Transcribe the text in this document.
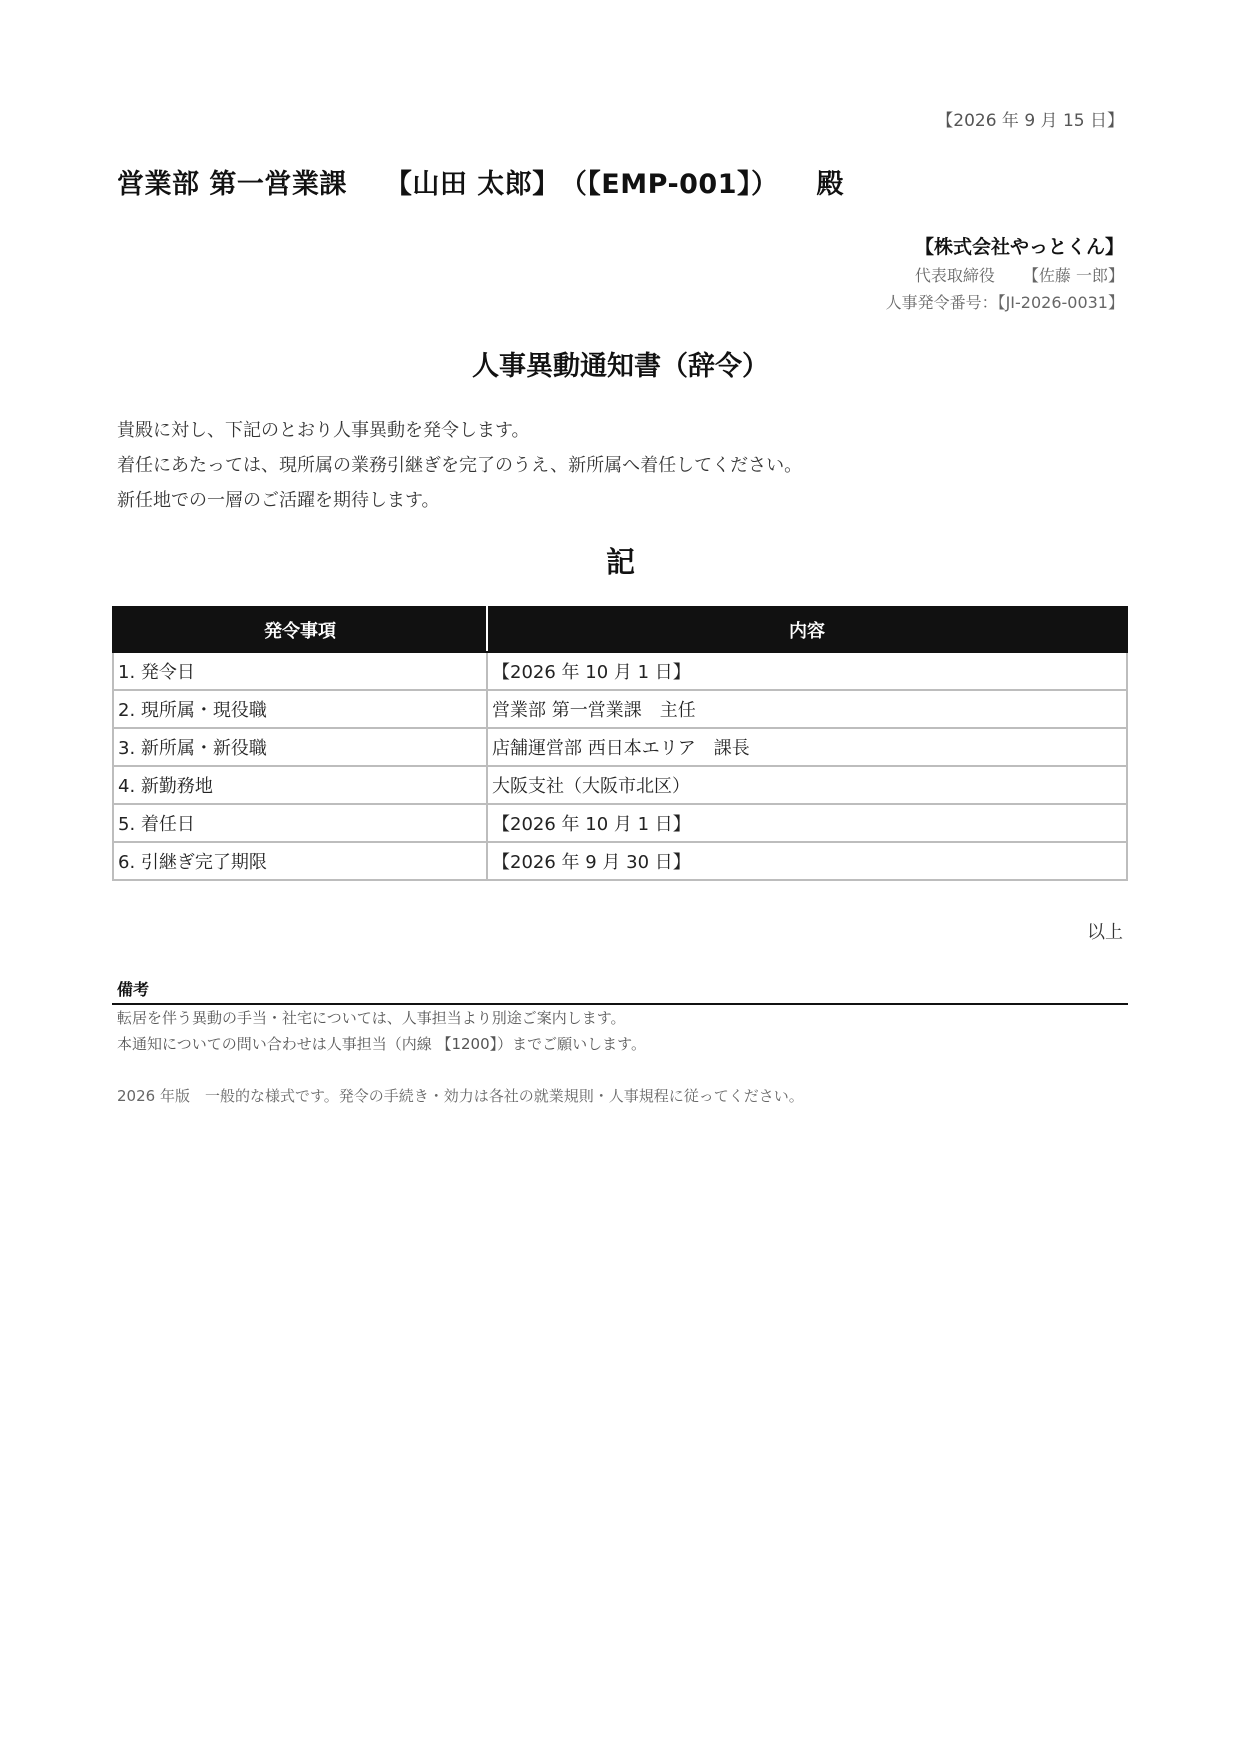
【2026 年 9 月 15 日】
営業部 第一営業課 【山田 太郎】（【EMP-001】） 殿
【株式会社やっとくん】
代表取締役 【佐藤 一郎】
人事発令番号：【JI-2026-0031】
人事異動通知書（辞令）
貴殿に対し、下記のとおり人事異動を発令します。
着任にあたっては、現所属の業務引継ぎを完了のうえ、新所属へ着任してください。
新任地での一層のご活躍を期待します。
記
発令事項	内容
1. 発令日	【2026 年 10 月 1 日】
2. 現所属・現役職	営業部 第一営業課　主任
3. 新所属・新役職	店舗運営部 西日本エリア　課長
4. 新勤務地	大阪支社（大阪市北区）
5. 着任日	【2026 年 10 月 1 日】
6. 引継ぎ完了期限	【2026 年 9 月 30 日】
以上
備考
転居を伴う異動の手当・社宅については、人事担当より別途ご案内します。
本通知についての問い合わせは人事担当（内線 【1200】）までご願いします。
2026 年版　一般的な様式です。発令の手続き・効力は各社の就業規則・人事規程に従ってください。
